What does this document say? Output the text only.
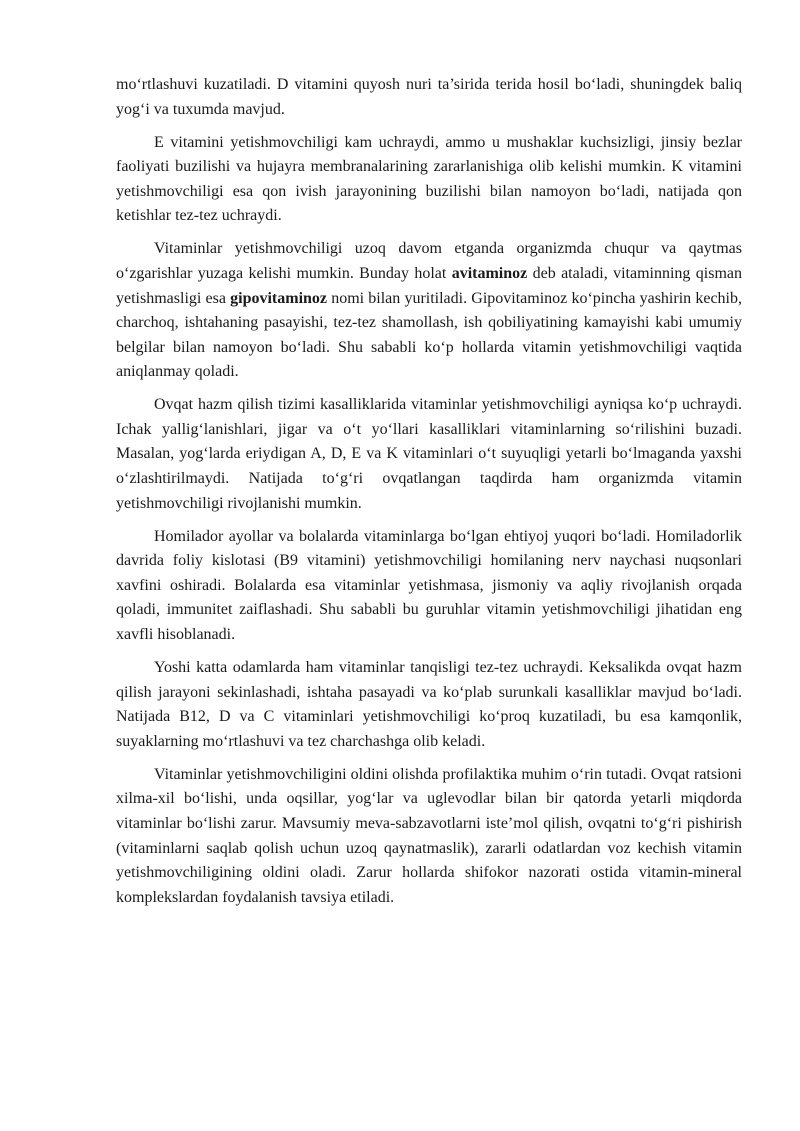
mo‘rtlashuvi kuzatiladi. D vitamini quyosh nuri ta’sirida terida hosil bo‘ladi, shuningdek baliq yog‘i va tuxumda mavjud.

E vitamini yetishmovchiligi kam uchraydi, ammo u mushaklar kuchsizligi, jinsiy bezlar faoliyati buzilishi va hujayra membranalarining zararlanishiga olib kelishi mumkin. K vitamini yetishmovchiligi esa qon ivish jarayonining buzilishi bilan namoyon bo‘ladi, natijada qon ketishlar tez-tez uchraydi.

Vitaminlar yetishmovchiligi uzoq davom etganda organizmda chuqur va qaytmas o‘zgarishlar yuzaga kelishi mumkin. Bunday holat avitaminoz deb ataladi, vitaminning qisman yetishmasligi esa gipovitaminoz nomi bilan yuritiladi. Gipovitaminoz ko‘pincha yashirin kechib, charchoq, ishtahaning pasayishi, tez-tez shamollash, ish qobiliyatining kamayishi kabi umumiy belgilar bilan namoyon bo‘ladi. Shu sababli ko‘p hollarda vitamin yetishmovchiligi vaqtida aniqlanmay qoladi.

Ovqat hazm qilish tizimi kasalliklarida vitaminlar yetishmovchiligi ayniqsa ko‘p uchraydi. Ichak yallig‘lanishlari, jigar va o‘t yo‘llari kasalliklari vitaminlarning so‘rilishini buzadi. Masalan, yog‘larda eriydigan A, D, E va K vitaminlari o‘t suyuqligi yetarli bo‘lmaganda yaxshi o‘zlashtirilmaydi. Natijada to‘g‘ri ovqatlangan taqdirda ham organizmda vitamin yetishmovchiligi rivojlanishi mumkin.

Homilador ayollar va bolalarda vitaminlarga bo‘lgan ehtiyoj yuqori bo‘ladi. Homiladorlik davrida foliy kislotasi (B9 vitamini) yetishmovchiligi homilaning nerv naychasi nuqsonlari xavfini oshiradi. Bolalarda esa vitaminlar yetishmasa, jismoniy va aqliy rivojlanish orqada qoladi, immunitet zaiflashadi. Shu sababli bu guruhlar vitamin yetishmovchiligi jihatidan eng xavfli hisoblanadi.

Yoshi katta odamlarda ham vitaminlar tanqisligi tez-tez uchraydi. Keksalikda ovqat hazm qilish jarayoni sekinlashadi, ishtaha pasayadi va ko‘plab surunkali kasalliklar mavjud bo‘ladi. Natijada B12, D va C vitaminlari yetishmovchiligi ko‘proq kuzatiladi, bu esa kamqonlik, suyaklarning mo‘rtlashuvi va tez charchashga olib keladi.

Vitaminlar yetishmovchiligini oldini olishda profilaktika muhim o‘rin tutadi. Ovqat ratsioni xilma-xil bo‘lishi, unda oqsillar, yog‘lar va uglevodlar bilan bir qatorda yetarli miqdorda vitaminlar bo‘lishi zarur. Mavsumiy meva-sabzavotlarni iste’mol qilish, ovqatni to‘g‘ri pishirish (vitaminlarni saqlab qolish uchun uzoq qaynatmaslik), zararli odatlardan voz kechish vitamin yetishmovchiligining oldini oladi. Zarur hollarda shifokor nazorati ostida vitamin-mineral komplekslardan foydalanish tavsiya etiladi.
